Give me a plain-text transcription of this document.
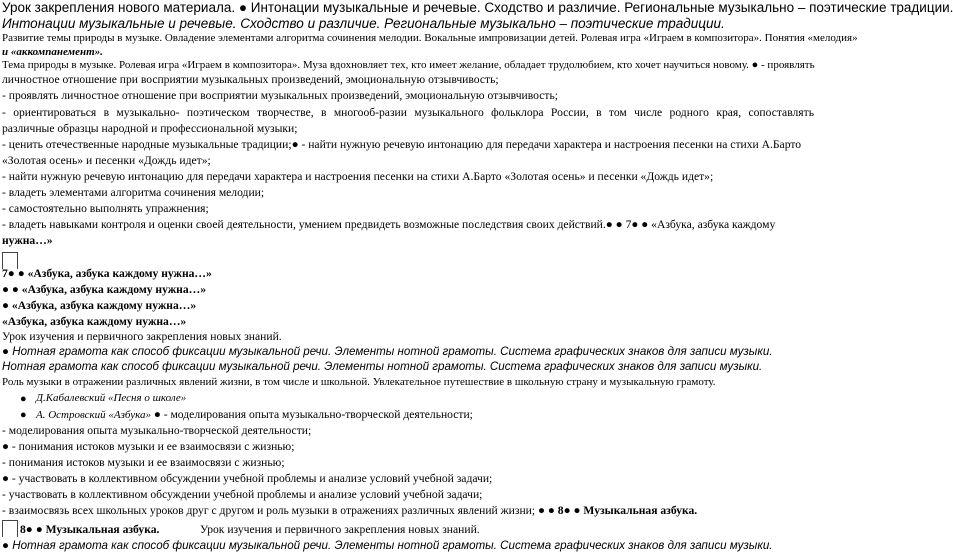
Урок закрепления нового материала. ● Интонации музыкальные и речевые. Сходство и различие. Региональные музыкально – поэтические традиции.
Интонации музыкальные и речевые. Сходство и различие. Региональные музыкально – поэтические традиции.
Развитие темы природы в музыке. Овладение элементами алгоритма сочинения мелодии. Вокальные импровизации детей. Ролевая игра «Играем в композитора». Понятия «мелодия»
и «аккомпанемент».
Тема природы в музыке. Ролевая игра «Играем в композитора». Муза вдохновляет тех, кто имеет желание, обладает трудолюбием, кто хочет научиться новому. ● - проявлять
личностное отношение при восприятии музыкальных произведений, эмоциональную отзывчивость;
- проявлять личностное отношение при восприятии музыкальных произведений, эмоциональную отзывчивость;
- ориентироваться в музыкально- поэтическом творчестве, в многооб-разии музыкального фольклора России, в том числе родного края, сопоставлять
различные образцы народной и профессиональной музыки;
- ценить отечественные народные музыкальные традиции;● - найти нужную речевую интонацию для передачи характера и настроения песенки на стихи А.Барто
«Золотая осень» и песенки «Дождь идет»;
- найти нужную речевую интонацию для передачи характера и настроения песенки на стихи А.Барто «Золотая осень» и песенки «Дождь идет»;
- владеть элементами алгоритма сочинения мелодии;
- самостоятельно выполнять упражнения;
- владеть навыками контроля и оценки своей деятельности, умением предвидеть возможные последствия своих действий.● ● 7● ● «Азбука, азбука каждому
нужна…»
7● ● «Азбука, азбука каждому нужна…»
● ● «Азбука, азбука каждому нужна…»
● «Азбука, азбука каждому нужна…»
«Азбука, азбука каждому нужна…»
Урок изучения и первичного закрепления новых знаний.
● Нотная грамота как способ фиксации музыкальной речи. Элементы нотной грамоты. Система графических знаков для записи музыки.
Нотная грамота как способ фиксации музыкальной речи. Элементы нотной грамоты. Система графических знаков для записи музыки.
Роль музыки в отражении различных явлений жизни, в том числе и школьной. Увлекательное путешествие в школьную страну и музыкальную грамоту.
● Д.Кабалевский «Песня о школе»
● А. Островский «Азбука» ● - моделирования опыта музыкально-творческой деятельности;
- моделирования опыта музыкально-творческой деятельности;
● - понимания истоков музыки и ее взаимосвязи с жизнью;
- понимания истоков музыки и ее взаимосвязи с жизнью;
● - участвовать в коллективном обсуждении учебной проблемы и анализе условий учебной задачи;
- участвовать в коллективном обсуждении учебной проблемы и анализе условий учебной задачи;
- взаимосвязь всех школьных уроков друг с другом и роль музыки в отражениях различных явлений жизни; ● ● 8● ● Музыкальная азбука.
8● ● Музыкальная азбука.	Урок изучения и первичного закрепления новых знаний.
● Нотная грамота как способ фиксации музыкальной речи. Элементы нотной грамоты. Система графических знаков для записи музыки.
